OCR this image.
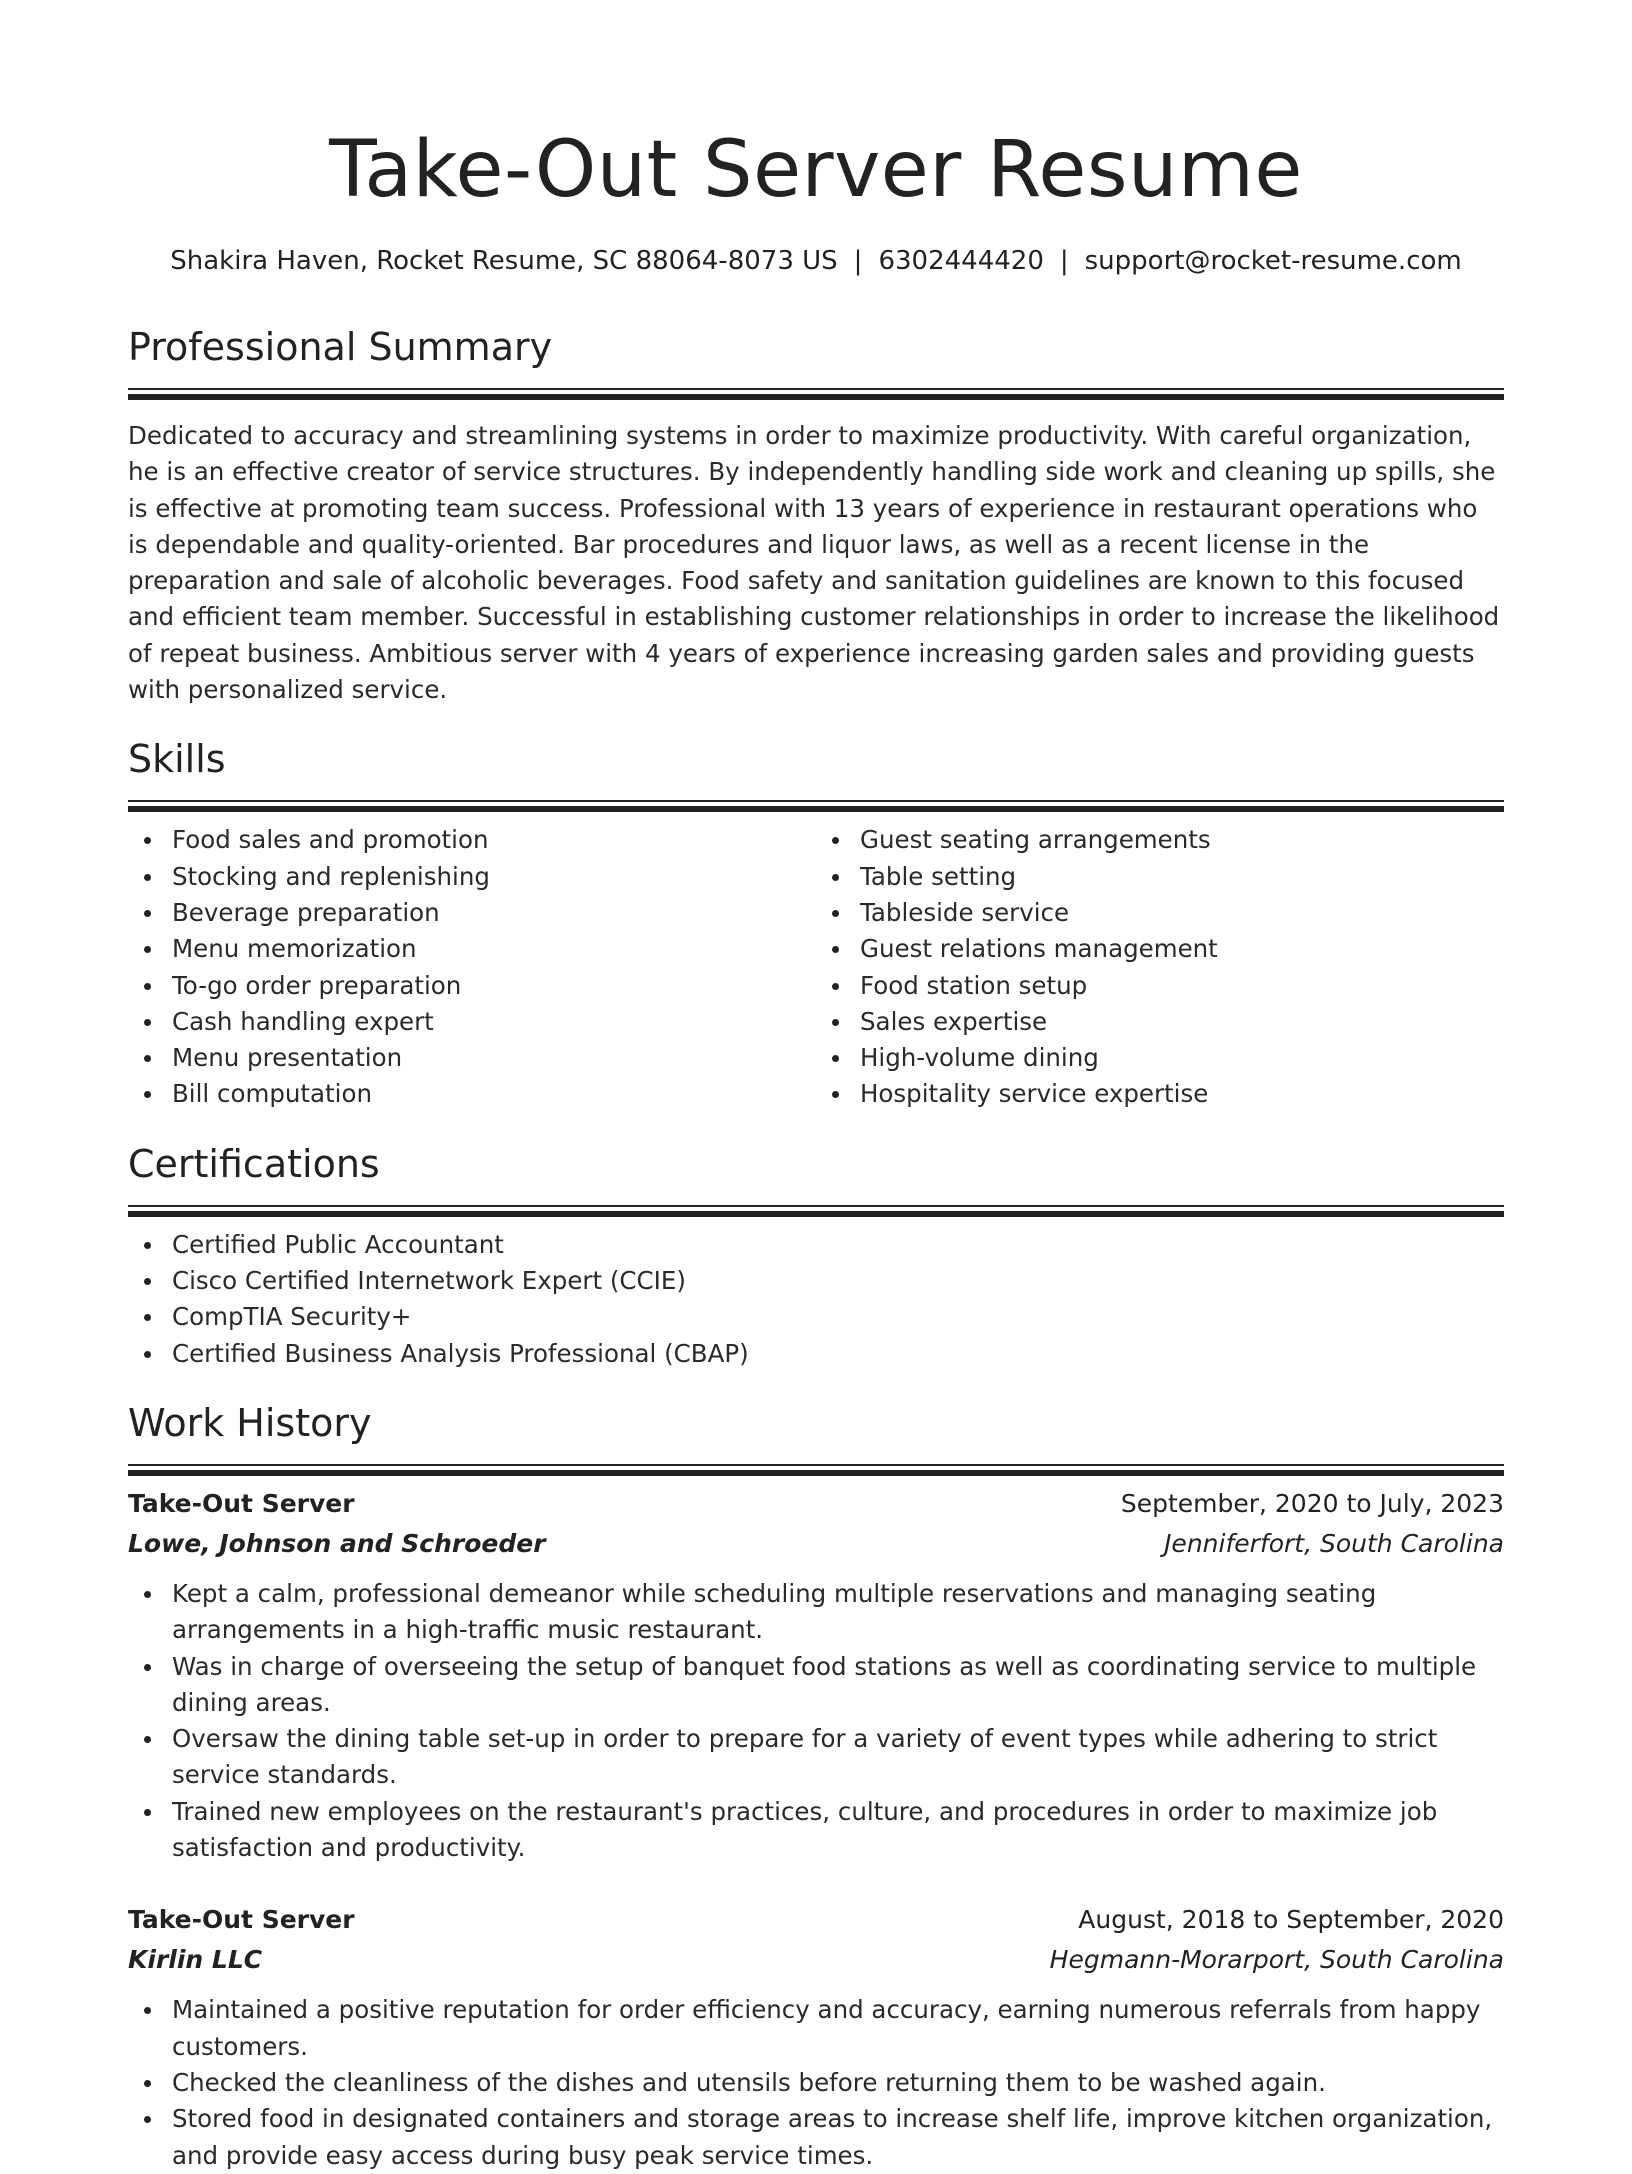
Take-Out Server Resume
Shakira Haven, Rocket Resume, SC 88064-8073 US | 6302444420 | support@rocket-resume.com
Professional Summary

Dedicated to accuracy and streamlining systems in order to maximize productivity. With careful organization, he is an effective creator of service structures. By independently handling side work and cleaning up spills, she is effective at promoting team success. Professional with 13 years of experience in restaurant operations who is dependable and quality-oriented. Bar procedures and liquor laws, as well as a recent license in the preparation and sale of alcoholic beverages. Food safety and sanitation guidelines are known to this focused and efficient team member. Successful in establishing customer relationships in order to increase the likelihood of repeat business. Ambitious server with 4 years of experience increasing garden sales and providing guests with personalized service.

Skills
Food sales and promotion
Stocking and replenishing
Beverage preparation
Menu memorization
To-go order preparation
Cash handling expert
Menu presentation
Bill computation
Guest seating arrangements
Table setting
Tableside service
Guest relations management
Food station setup
Sales expertise
High-volume dining
Hospitality service expertise
Certifications
Certified Public Accountant
Cisco Certified Internetwork Expert (CCIE)
CompTIA Security+
Certified Business Analysis Professional (CBAP)
Work History
Take-Out Server	September, 2020 to July, 2023
Lowe, Johnson and Schroeder	Jenniferfort, South Carolina
Kept a calm, professional demeanor while scheduling multiple reservations and managing seating arrangements in a high-traffic music restaurant.
Was in charge of overseeing the setup of banquet food stations as well as coordinating service to multiple dining areas.
Oversaw the dining table set-up in order to prepare for a variety of event types while adhering to strict service standards.
Trained new employees on the restaurant's practices, culture, and procedures in order to maximize job satisfaction and productivity.
Take-Out Server	August, 2018 to September, 2020
Kirlin LLC	Hegmann-Morarport, South Carolina
Maintained a positive reputation for order efficiency and accuracy, earning numerous referrals from happy customers.
Checked the cleanliness of the dishes and utensils before returning them to be washed again.
Stored food in designated containers and storage areas to increase shelf life, improve kitchen organization, and provide easy access during busy peak service times.
